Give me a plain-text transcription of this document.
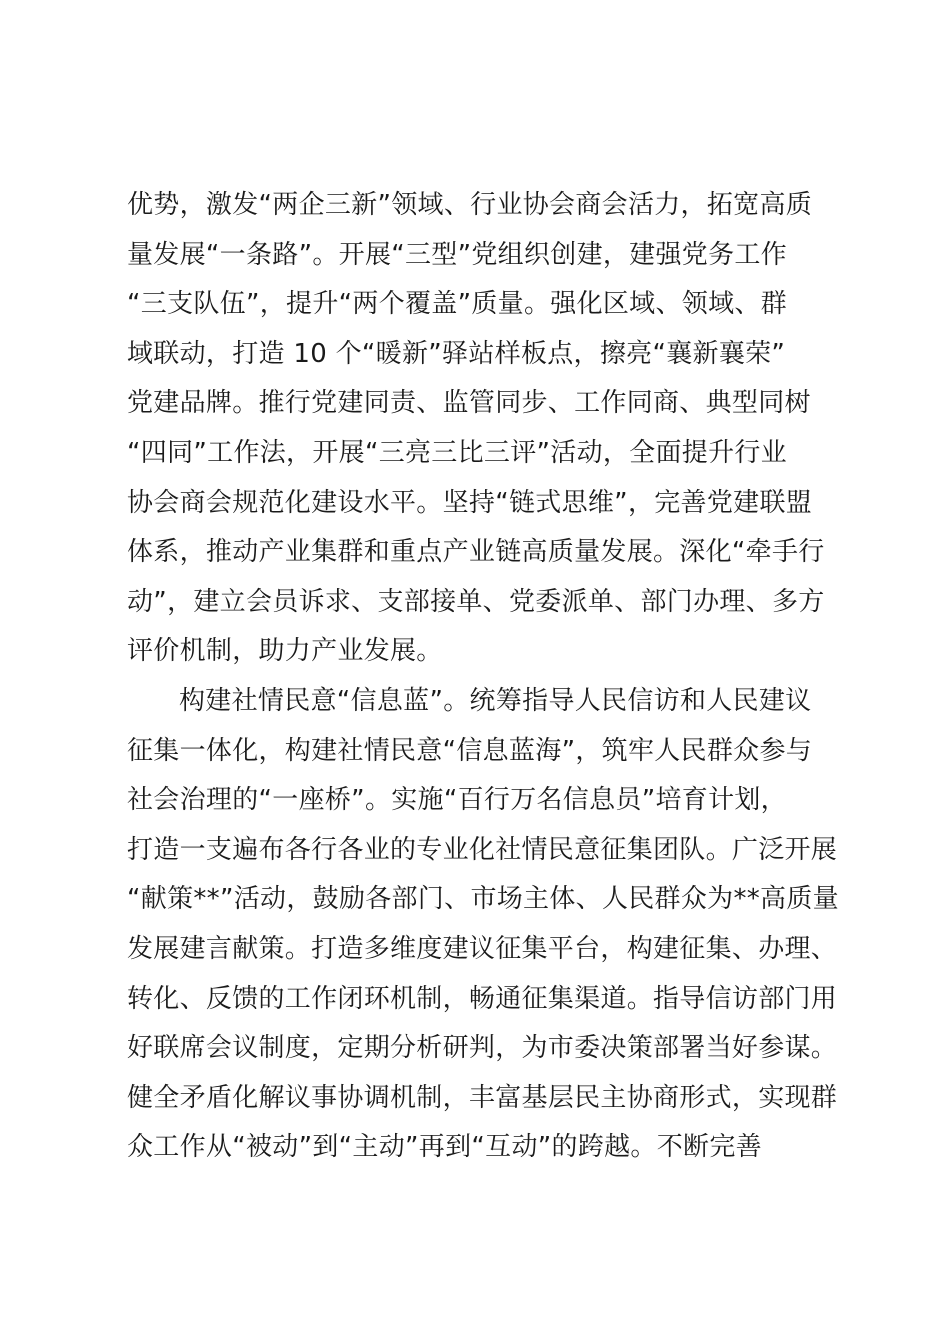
优势，激发“两企三新”领域、行业协会商会活力，拓宽高质
量发展“一条路”。开展“三型”党组织创建，建强党务工作
“三支队伍”，提升“两个覆盖”质量。强化区域、领域、群
域联动，打造 10 个“暖新”驿站样板点，擦亮“襄新襄荣”
党建品牌。推行党建同责、监管同步、工作同商、典型同树
“四同”工作法，开展“三亮三比三评”活动，全面提升行业
协会商会规范化建设水平。坚持“链式思维”，完善党建联盟
体系，推动产业集群和重点产业链高质量发展。深化“牵手行
动”，建立会员诉求、支部接单、党委派单、部门办理、多方
评价机制，助力产业发展。
构建社情民意“信息蓝”。统筹指导人民信访和人民建议
征集一体化，构建社情民意“信息蓝海”，筑牢人民群众参与
社会治理的“一座桥”。实施“百行万名信息员”培育计划，
打造一支遍布各行各业的专业化社情民意征集团队。广泛开展
“献策**”活动，鼓励各部门、市场主体、人民群众为**高质量
发展建言献策。打造多维度建议征集平台，构建征集、办理、
转化、反馈的工作闭环机制，畅通征集渠道。指导信访部门用
好联席会议制度，定期分析研判，为市委决策部署当好参谋。
健全矛盾化解议事协调机制，丰富基层民主协商形式，实现群
众工作从“被动”到“主动”再到“互动”的跨越。不断完善
